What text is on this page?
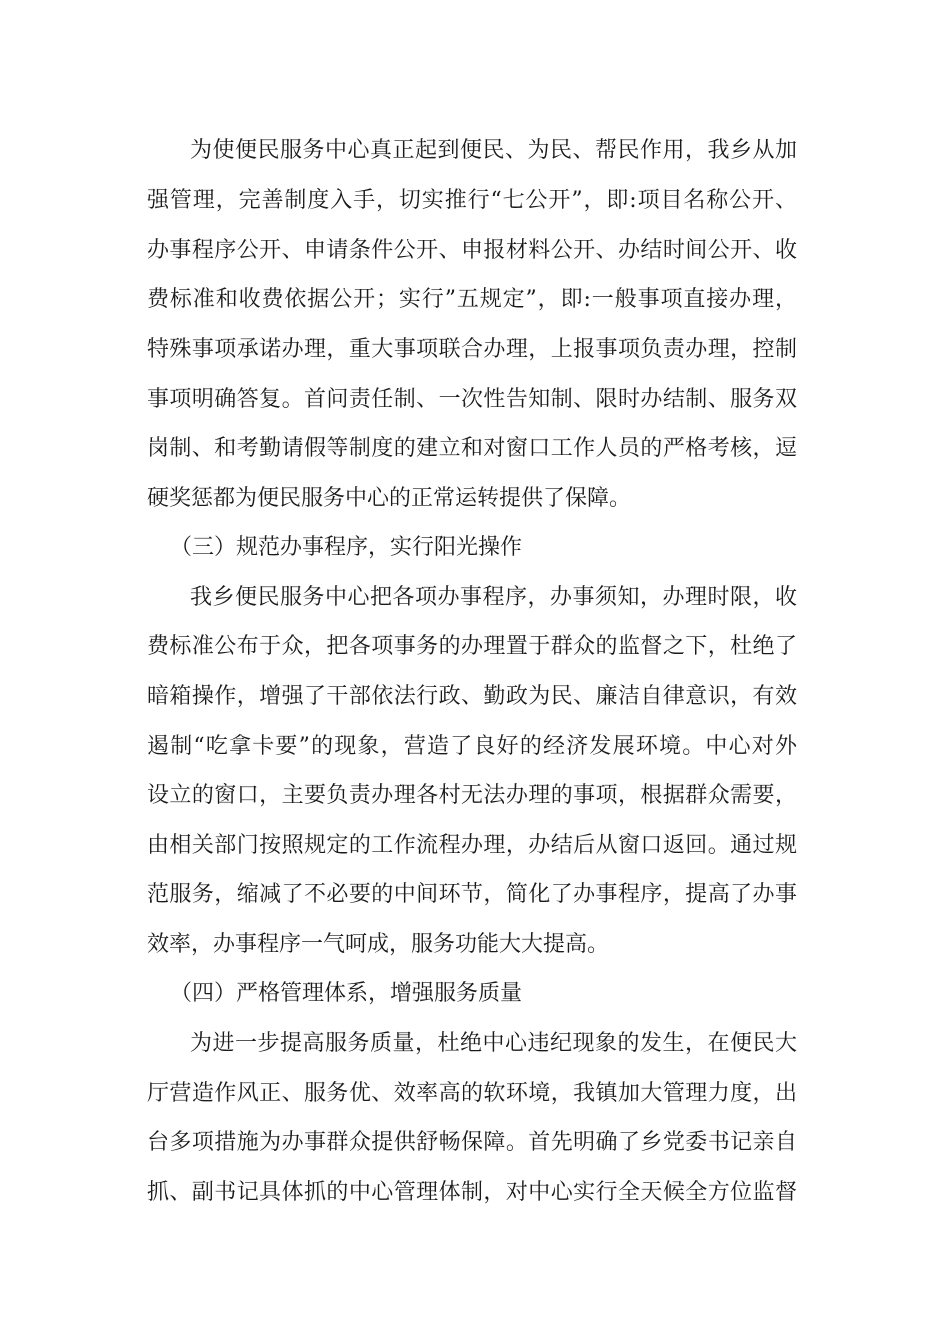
为使便民服务中心真正起到便民、为民、帮民作用，我乡从加
强管理，完善制度入手，切实推行“七公开”，即:项目名称公开、
办事程序公开、申请条件公开、申报材料公开、办结时间公开、收
费标准和收费依据公开；实行”五规定”，即:一般事项直接办理，
特殊事项承诺办理，重大事项联合办理，上报事项负责办理，控制
事项明确答复。首问责任制、一次性告知制、限时办结制、服务双
岗制、和考勤请假等制度的建立和对窗口工作人员的严格考核，逗
硬奖惩都为便民服务中心的正常运转提供了保障。
（三）规范办事程序，实行阳光操作
我乡便民服务中心把各项办事程序，办事须知，办理时限，收
费标准公布于众，把各项事务的办理置于群众的监督之下，杜绝了
暗箱操作，增强了干部依法行政、勤政为民、廉洁自律意识，有效
遏制“吃拿卡要”的现象，营造了良好的经济发展环境。中心对外
设立的窗口，主要负责办理各村无法办理的事项，根据群众需要，
由相关部门按照规定的工作流程办理，办结后从窗口返回。通过规
范服务，缩减了不必要的中间环节，简化了办事程序，提高了办事
效率，办事程序一气呵成，服务功能大大提高。
（四）严格管理体系，增强服务质量
为进一步提高服务质量，杜绝中心违纪现象的发生，在便民大
厅营造作风正、服务优、效率高的软环境，我镇加大管理力度，出
台多项措施为办事群众提供舒畅保障。首先明确了乡党委书记亲自
抓、副书记具体抓的中心管理体制，对中心实行全天候全方位监督
